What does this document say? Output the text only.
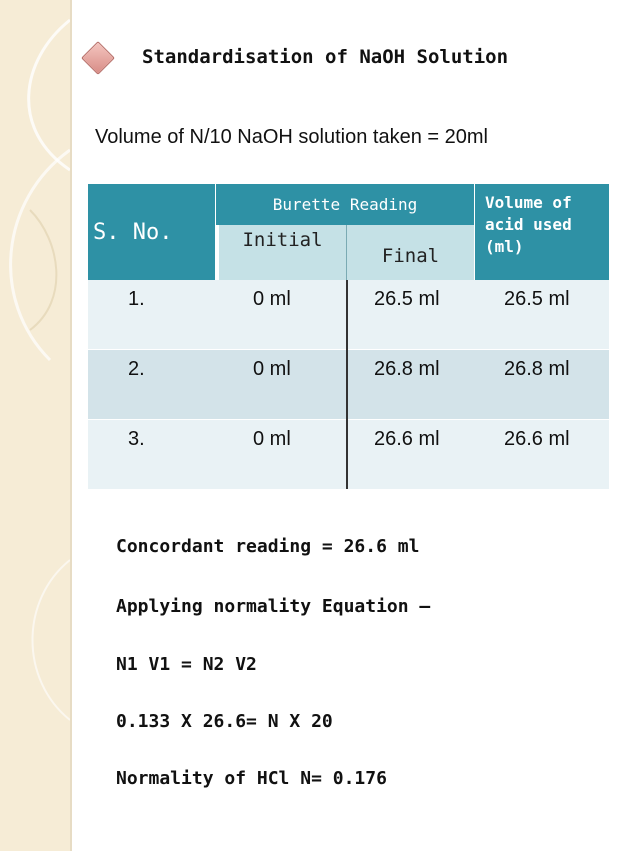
Standardisation of NaOH Solution
Volume of N/10 NaOH solution taken = 20ml
S. No.
Burette Reading
Initial
Final
Volume of
acid used
(ml)
1.	0 ml	26.5 ml	26.5 ml
2.	0 ml	26.8 ml	26.8 ml
3.	0 ml	26.6 ml	26.6 ml
Concordant reading = 26.6 ml
Applying normality Equation –
N1 V1 = N2 V2
0.133 X 26.6= N X 20
Normality of HCl N= 0.176
